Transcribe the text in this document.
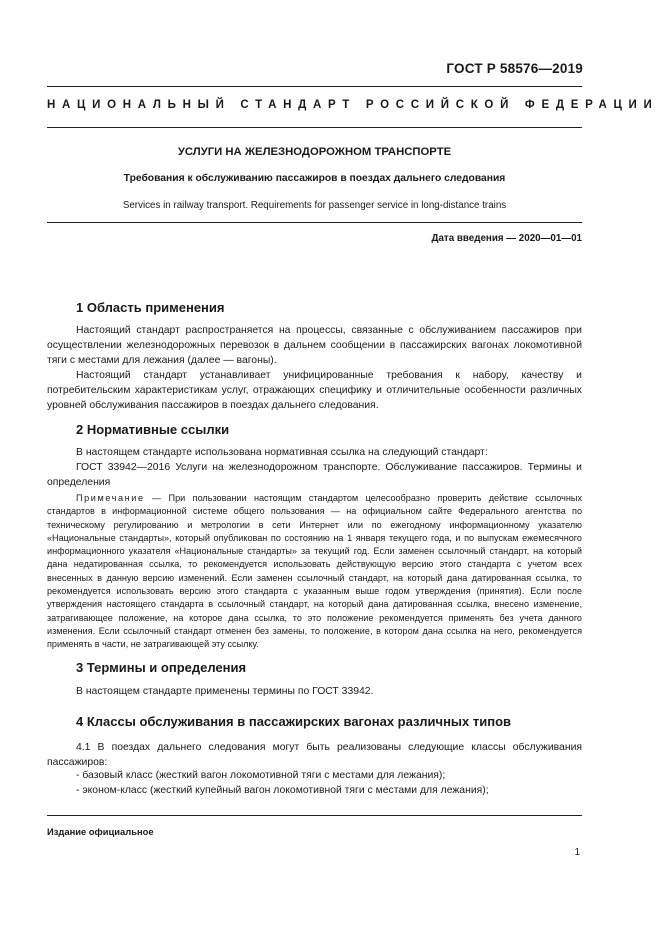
ГОСТ Р 58576—2019
НАЦИОНАЛЬНЫЙ СТАНДАРТ РОССИЙСКОЙ ФЕДЕРАЦИИ
УСЛУГИ НА ЖЕЛЕЗНОДОРОЖНОМ ТРАНСПОРТЕ
Требования к обслуживанию пассажиров в поездах дальнего следования
Services in railway transport. Requirements for passenger service in long-distance trains
Дата введения — 2020—01—01
1 Область применения
Настоящий стандарт распространяется на процессы, связанные с обслуживанием пассажиров при осуществлении железнодорожных перевозок в дальнем сообщении в пассажирских вагонах локомотивной тяги с местами для лежания (далее — вагоны).
Настоящий стандарт устанавливает унифицированные требования к набору, качеству и потребительским характеристикам услуг, отражающих специфику и отличительные особенности различных уровней обслуживания пассажиров в поездах дальнего следования.
2 Нормативные ссылки
В настоящем стандарте использована нормативная ссылка на следующий стандарт:
ГОСТ 33942—2016 Услуги на железнодорожном транспорте. Обслуживание пассажиров. Термины и определения
Примечание — При пользовании настоящим стандартом целесообразно проверить действие ссылочных стандартов в информационной системе общего пользования — на официальном сайте Федерального агентства по техническому регулированию и метрологии в сети Интернет или по ежегодному информационному указателю «Национальные стандарты», который опубликован по состоянию на 1 января текущего года, и по выпускам ежемесячного информационного указателя «Национальные стандарты» за текущий год. Если заменен ссылочный стандарт, на который дана недатированная ссылка, то рекомендуется использовать действующую версию этого стандарта с учетом всех внесенных в данную версию изменений. Если заменен ссылочный стандарт, на который дана датированная ссылка, то рекомендуется использовать версию этого стандарта с указанным выше годом утверждения (принятия). Если после утверждения настоящего стандарта в ссылочный стандарт, на который дана датированная ссылка, внесено изменение, затрагивающее положение, на которое дана ссылка, то это положение рекомендуется применять без учета данного изменения. Если ссылочный стандарт отменен без замены, то положение, в котором дана ссылка на него, рекомендуется применять в части, не затрагивающей эту ссылку.
3 Термины и определения
В настоящем стандарте применены термины по ГОСТ 33942.
4 Классы обслуживания в пассажирских вагонах различных типов
4.1 В поездах дальнего следования могут быть реализованы следующие классы обслуживания пассажиров:
- базовый класс (жесткий вагон локомотивной тяги с местами для лежания);
- эконом-класс (жесткий купейный вагон локомотивной тяги с местами для лежания);
Издание официальное
1
